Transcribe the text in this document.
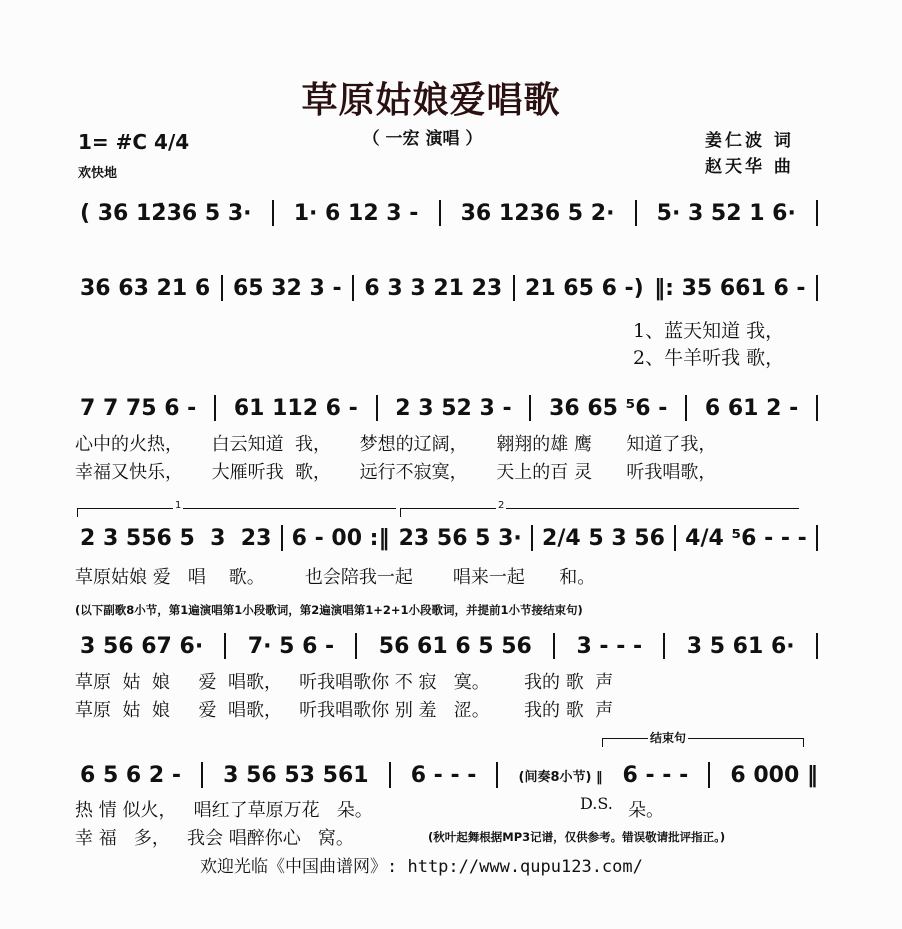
草原姑娘爱唱歌
（ 一宏 演唱 ）
1= #C 4/4
欢快地
姜仁波 词
赵天华 曲
( 36 12̇36 5 3· 1· 6 12 3 - 36 1236 5 2· 5· 3 52 1 6·
36 63 21 6 65 32 3 - 6 3 3 21 23 21 65 6 -) ‖: 35 661 6 -
1、蓝天知道 我，
2、牛羊听我 歌，
7 7 75 6 - 61 112 6 - 2 3 52 3 - 36 65 ⁵6 - 6 61 2 -
心中的火热，     白云知道  我，     梦想的辽阔，     翱翔的雄 鹰      知道了我，
幸福又快乐，     大雁听我  歌，     远行不寂寞，     天上的百 灵      听我唱歌，
1	2
2 3 556 5  3  23 6 - 00 :‖ 23 56 5 3· 2/4 5 3 56 4/4 ⁵6 - - -
草原姑娘 爱   唱    歌。       也会陪我一起       唱来一起      和。
(以下副歌8小节，第1遍演唱第1小段歌词，第2遍演唱第1+2+1小段歌词，并提前1小节接结束句)
3 56 67 6· 7· 5 6 - 56 61 6 5 56 3 - - - 3 5 61 6·
草原  姑  娘     爱  唱歌，   听我唱歌你 不 寂   寞。      我的 歌  声
草原  姑  娘     爱  唱歌，   听我唱歌你 别 羞   涩。      我的 歌  声
结束句
6 5 6 2 - 3 56 53 561 6 - - -	(间奏8小节) ‖ 6 - - - 6 000 ‖
热 情 似火，   唱红了草原万花   朵。	D.S. 朵。
幸 福   多，   我会 唱醉你心   窝。	(秋叶起舞根据MP3记谱，仅供参考。错误敬请批评指正。)
欢迎光临《中国曲谱网》: http://www.qupu123.com/
